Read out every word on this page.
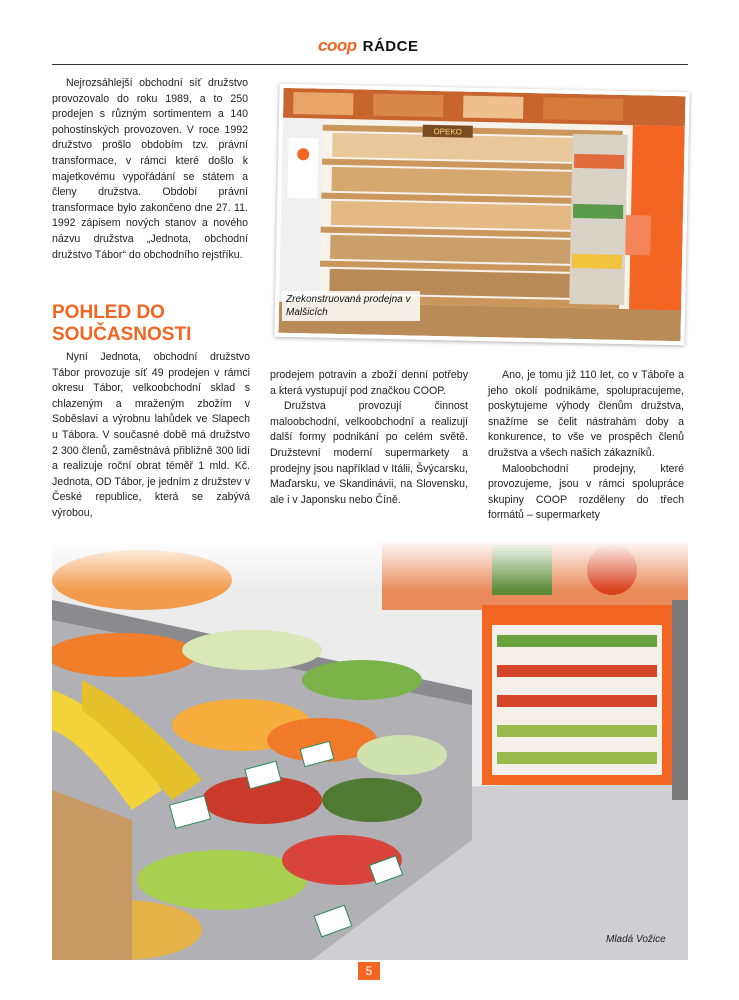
coop RÁDCE

Nejrozsáhlejší obchodní síť družstvo provozovalo do roku 1989, a to 250 prodejen s různým sortimentem a 140 pohostinských provozoven. V roce 1992 družstvo prošlo obdobím tzv. právní transformace, v rámci které došlo k majetkovému vypořádání se státem a členy družstva. Období právní transformace bylo zakončeno dne 27. 11. 1992 zápisem nových stanov a nového názvu družstva „Jednota, obchodní družstvo Tábor“ do obchodního rejstříku.

OPEKO
Zrekonstruovaná prodejna v Malšicích
POHLED DO SOUČASNOSTI

Nyní Jednota, obchodní družstvo Tábor provozuje síť 49 prodejen v rámci okresu Tábor, velkoobchodní sklad s chlazeným a mraženým zbožím v Soběslavi a výrobnu lahůdek ve Slapech u Tábora. V současné době má družstvo 2 300 členů, zaměstnává přibližně 300 lidí a realizuje roční obrat téměř 1 mld. Kč. Jednota, OD Tábor, je jedním z družstev v České republice, která se zabývá výrobou,

prodejem potravin a zboží denní potřeby a která vystupují pod značkou COOP.

Družstva provozují činnost maloobchodní, velkoobchodní a realizují další formy podnikání po celém světě. Družstevní moderní supermarkety a prodejny jsou například v Itálii, Švýcarsku, Maďarsku, ve Skandinávii, na Slovensku, ale i v Japonsku nebo Číně.

Ano, je tomu již 110 let, co v Táboře a jeho okolí podnikáme, spolupracujeme, poskytujeme výhody členům družstva, snažíme se čelit nástrahám doby a konkurence, to vše ve prospěch členů družstva a všech našich zákazníků.

Maloobchodní prodejny, které provozujeme, jsou v rámci spolupráce skupiny COOP rozděleny do třech formátů – supermarkety

Mladá Vožice
5
